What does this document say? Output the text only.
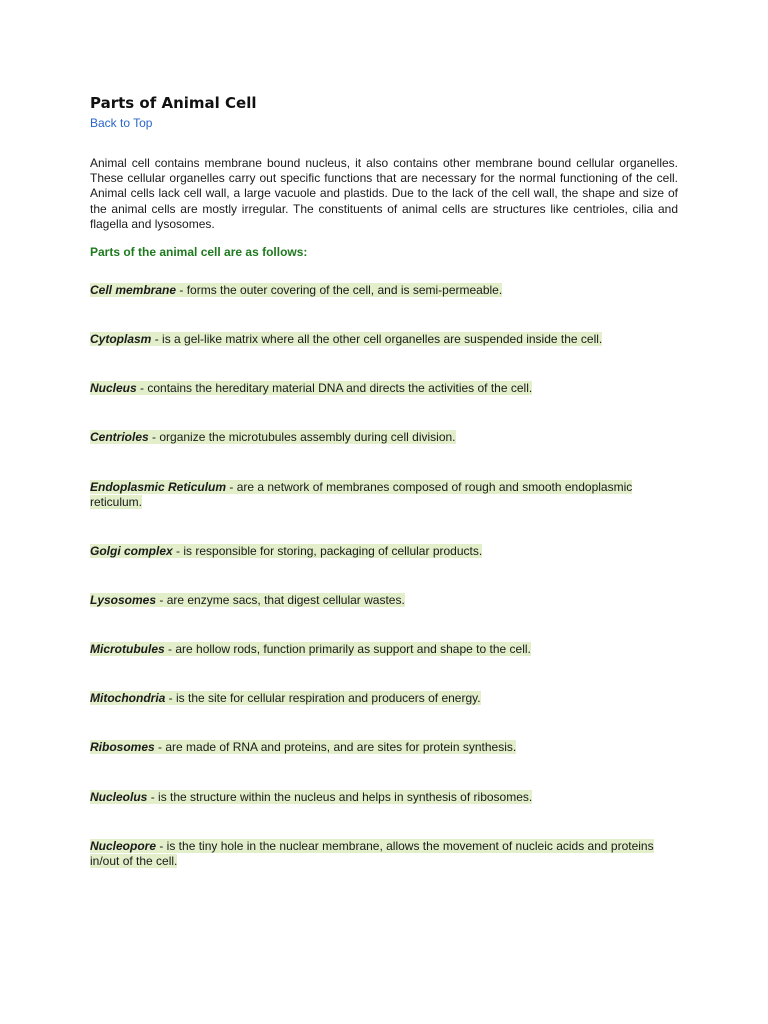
Parts of Animal Cell
Back to Top

Animal cell contains membrane bound nucleus, it also contains other membrane bound cellular organelles. These cellular organelles carry out specific functions that are necessary for the normal functioning of the cell. Animal cells lack cell wall, a large vacuole and plastids. Due to the lack of the cell wall, the shape and size of the animal cells are mostly irregular. The constituents of animal cells are structures like centrioles, cilia and flagella and lysosomes.

Parts of the animal cell are as follows:
Cell membrane - forms the outer covering of the cell, and is semi-permeable.
Cytoplasm - is a gel-like matrix where all the other cell organelles are suspended inside the cell.
Nucleus - contains the hereditary material DNA and directs the activities of the cell.
Centrioles - organize the microtubules assembly during cell division.
Endoplasmic Reticulum - are a network of membranes composed of rough and smooth endoplasmic reticulum.
Golgi complex - is responsible for storing, packaging of cellular products.
Lysosomes - are enzyme sacs, that digest cellular wastes.
Microtubules - are hollow rods, function primarily as support and shape to the cell.
Mitochondria - is the site for cellular respiration and producers of energy.
Ribosomes - are made of RNA and proteins, and are sites for protein synthesis.
Nucleolus - is the structure within the nucleus and helps in synthesis of ribosomes.
Nucleopore - is the tiny hole in the nuclear membrane, allows the movement of nucleic acids and proteins in/out of the cell.
